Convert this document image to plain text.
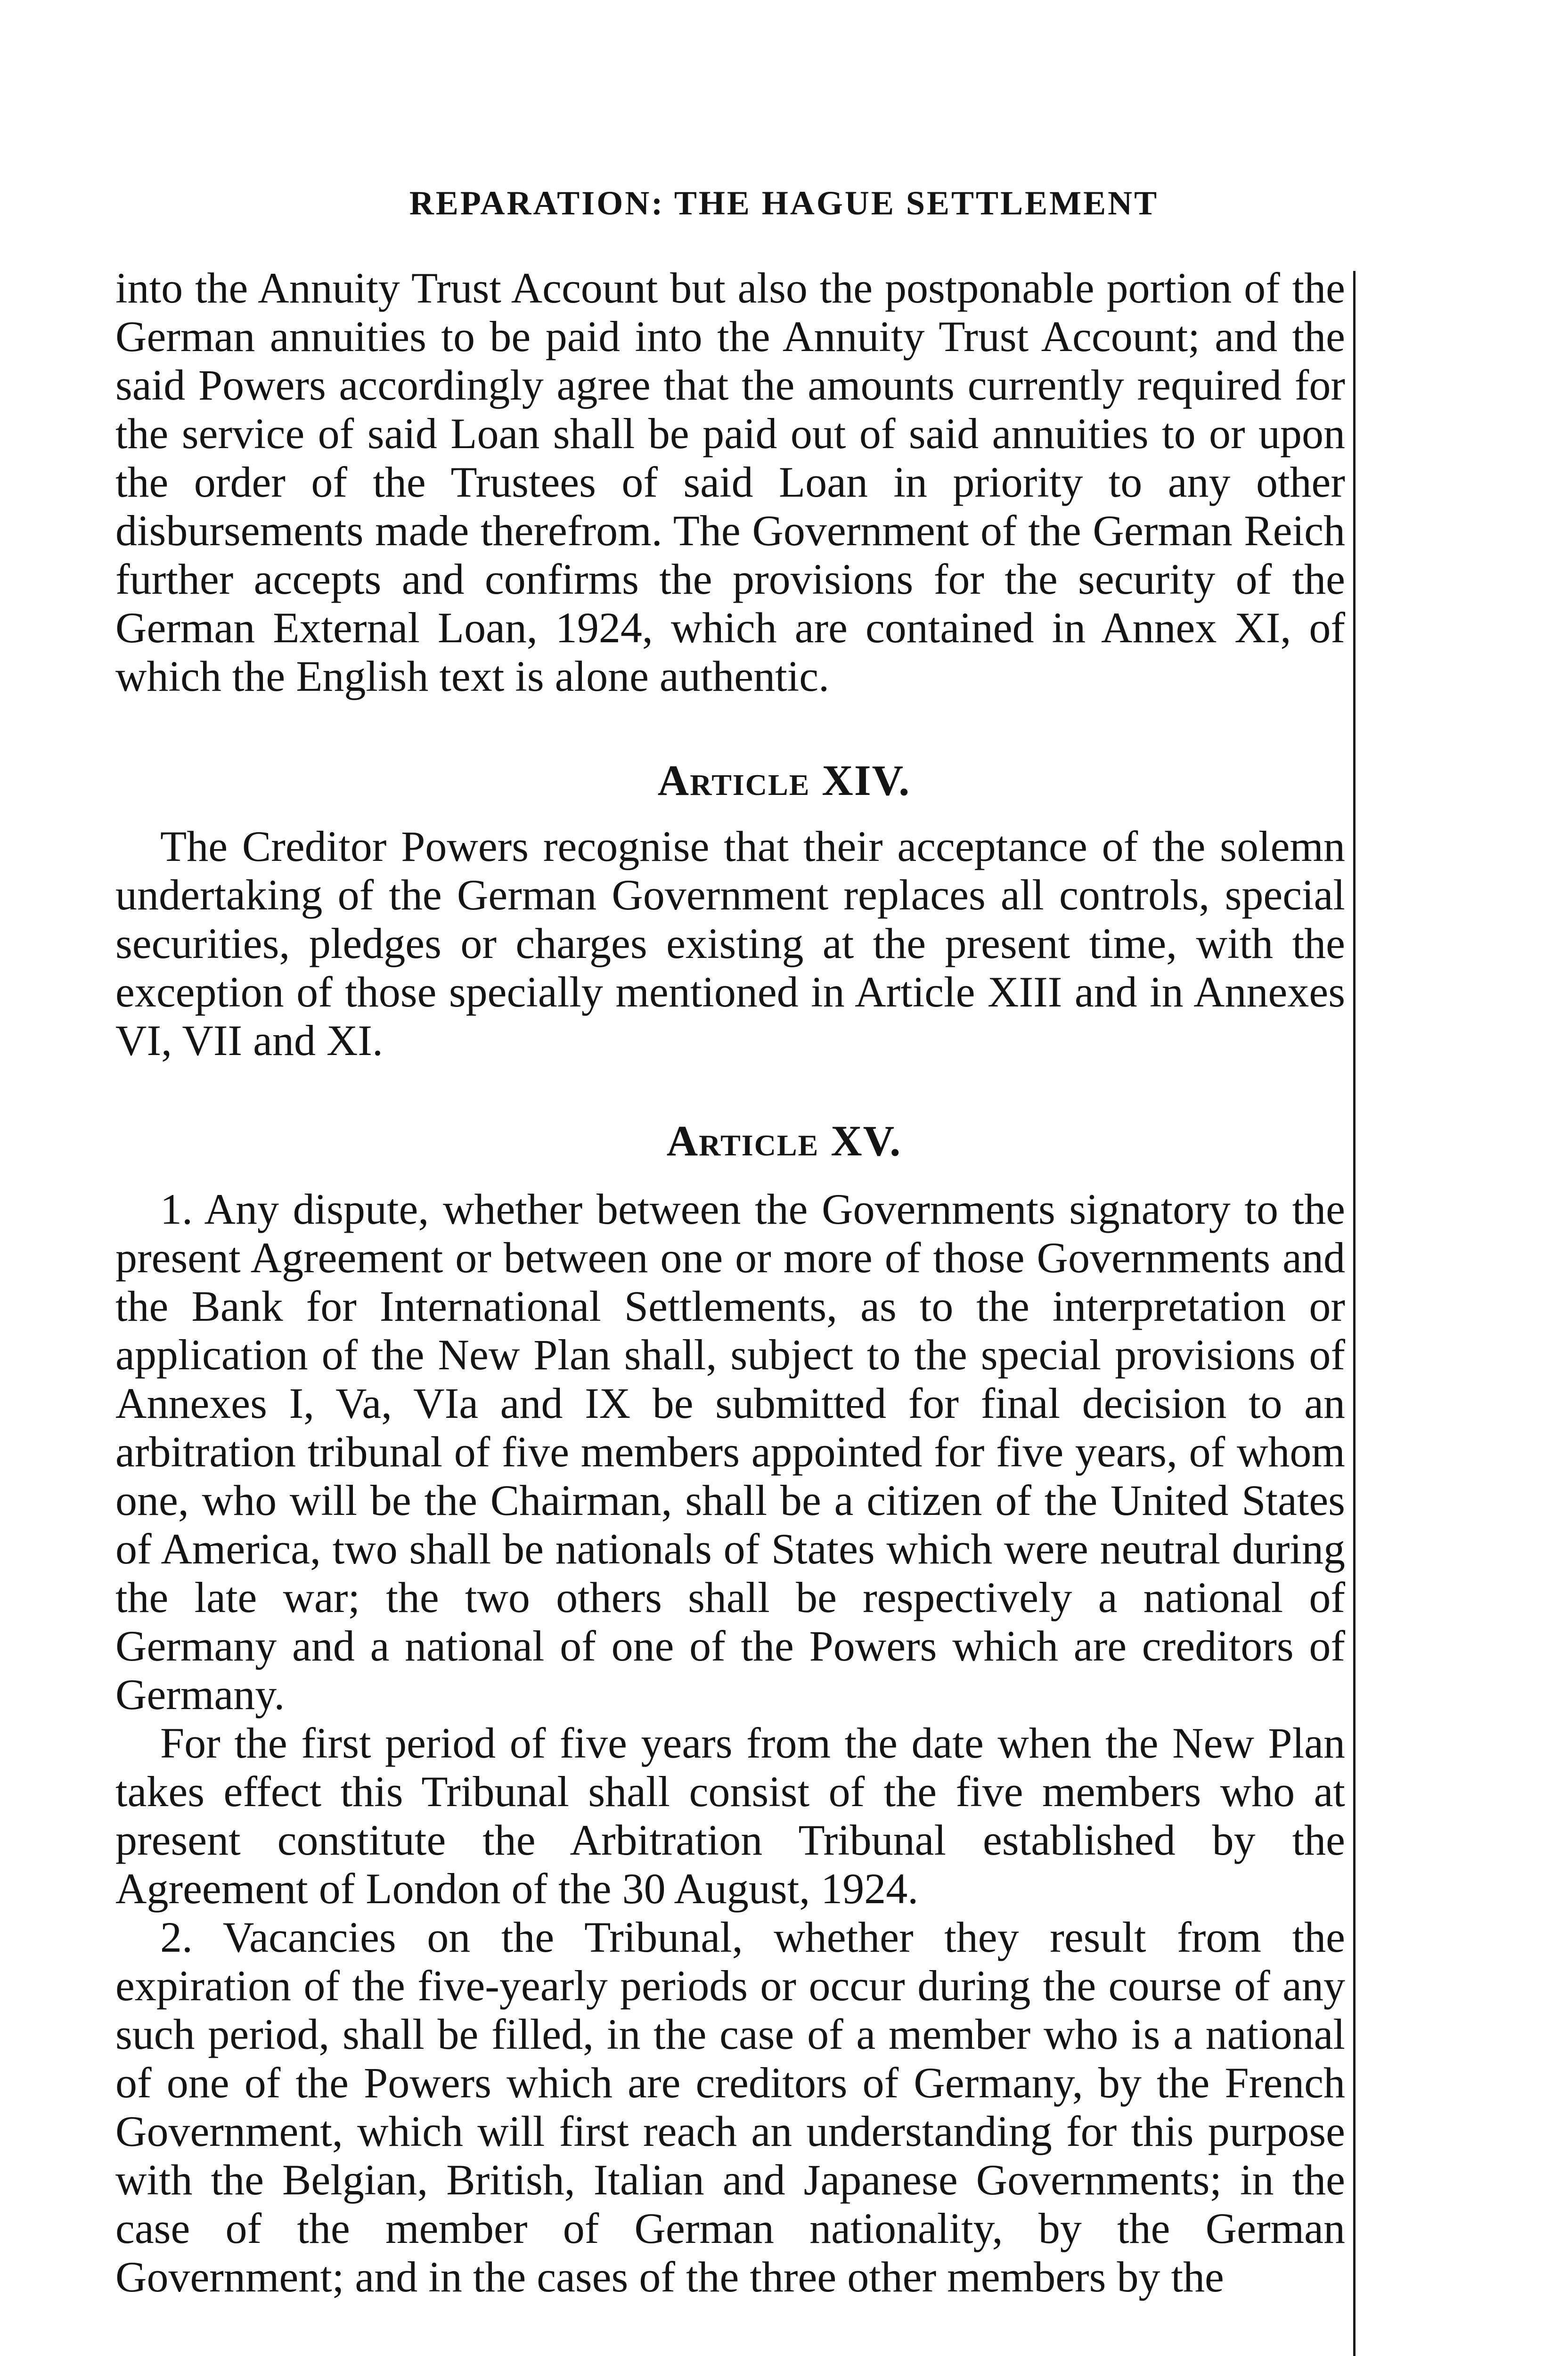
REPARATION: THE HAGUE SETTLEMENT

into the Annuity Trust Account but also the postponable portion of the German annuities to be paid into the Annuity Trust Account; and the said Powers accordingly agree that the amounts currently required for the service of said Loan shall be paid out of said annuities to or upon the order of the Trustees of said Loan in priority to any other disbursements made therefrom. The Government of the German Reich further accepts and confirms the provisions for the security of the German External Loan, 1924, which are contained in Annex XI, of which the English text is alone authentic.

Article XIV.

The Creditor Powers recognise that their acceptance of the solemn undertaking of the German Government replaces all controls, special securities, pledges or charges existing at the present time, with the exception of those specially mentioned in Article XIII and in Annexes VI, VII and XI.

Article XV.

1. Any dispute, whether between the Governments signatory to the present Agreement or between one or more of those Governments and the Bank for International Settlements, as to the interpretation or application of the New Plan shall, subject to the special provisions of Annexes I, Va, VIa and IX be submitted for final decision to an arbitration tribunal of five members appointed for five years, of whom one, who will be the Chairman, shall be a citizen of the United States of America, two shall be nationals of States which were neutral during the late war; the two others shall be respectively a national of Germany and a national of one of the Powers which are creditors of Germany.

For the first period of five years from the date when the New Plan takes effect this Tribunal shall consist of the five members who at present constitute the Arbitration Tribunal established by the Agreement of London of the 30 August, 1924.

2. Vacancies on the Tribunal, whether they result from the expiration of the five-yearly periods or occur during the course of any such period, shall be filled, in the case of a member who is a national of one of the Powers which are creditors of Germany, by the French Government, which will first reach an understanding for this purpose with the Belgian, British, Italian and Japanese Governments; in the case of the member of German nationality, by the German Government; and in the cases of the three other members by the
